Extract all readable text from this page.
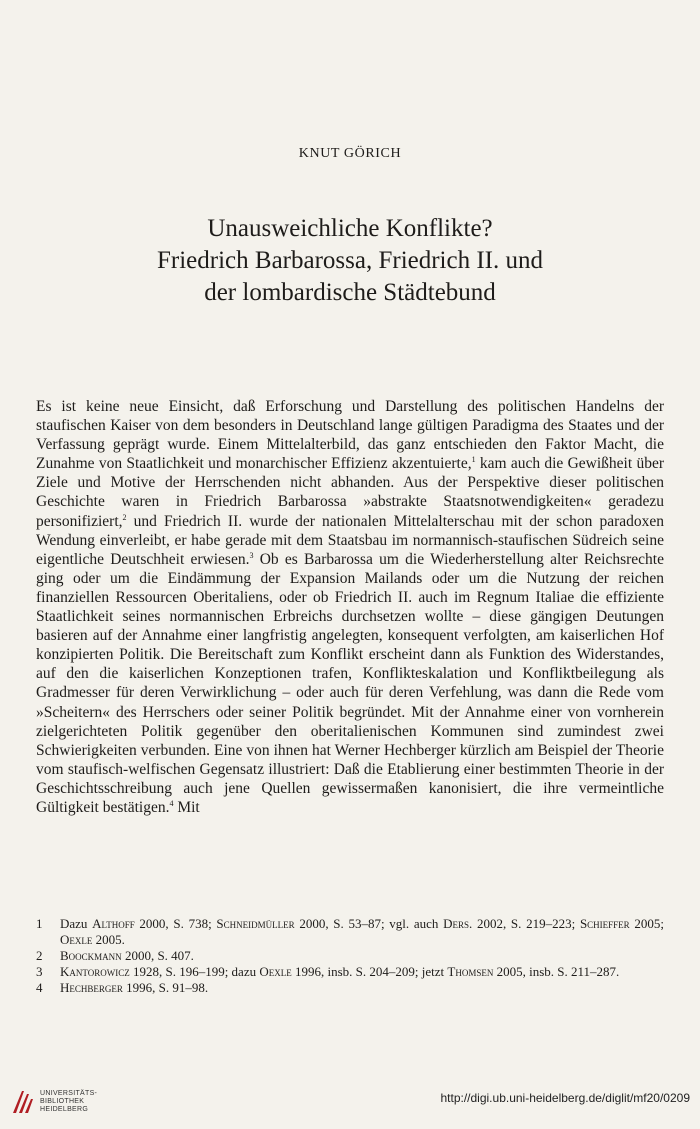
KNUT GÖRICH
Unausweichliche Konflikte?
Friedrich Barbarossa, Friedrich II. und
der lombardische Städtebund

Es ist keine neue Einsicht, daß Erforschung und Darstellung des politischen Handelns der staufischen Kaiser von dem besonders in Deutschland lange gültigen Paradigma des Staates und der Verfassung geprägt wurde. Einem Mittelalterbild, das ganz entschieden den Faktor Macht, die Zunahme von Staatlichkeit und monarchischer Effizienz akzentuierte,$^1$ kam auch die Gewißheit über Ziele und Motive der Herrschenden nicht abhanden. Aus der Perspektive dieser politischen Geschichte waren in Friedrich Barbarossa »abstrakte Staatsnotwendigkeiten« geradezu personifiziert,$^2$ und Friedrich II. wurde der nationalen Mittelalterschau mit der schon paradoxen Wendung einverleibt, er habe gerade mit dem Staatsbau im normannisch-staufischen Südreich seine eigentliche Deutschheit erwiesen.$^3$ Ob es Barbarossa um die Wiederherstellung alter Reichsrechte ging oder um die Eindämmung der Expansion Mailands oder um die Nutzung der reichen finanziellen Ressourcen Oberitaliens, oder ob Friedrich II. auch im Regnum Italiae die effiziente Staatlichkeit seines normannischen Erbreichs durchsetzen wollte – diese gängigen Deutungen basieren auf der Annahme einer langfristig angelegten, konsequent verfolgten, am kaiserlichen Hof konzipierten Politik. Die Bereitschaft zum Konflikt erscheint dann als Funktion des Widerstandes, auf den die kaiserlichen Konzeptionen trafen, Konflikteskalation und Konfliktbeilegung als Gradmesser für deren Verwirklichung – oder auch für deren Verfehlung, was dann die Rede vom »Scheitern« des Herrschers oder seiner Politik begründet. Mit der Annahme einer von vornherein zielgerichteten Politik gegenüber den oberitalienischen Kommunen sind zumindest zwei Schwierigkeiten verbunden. Eine von ihnen hat Werner Hechberger kürzlich am Beispiel der Theorie vom staufisch-welfischen Gegensatz illustriert: Daß die Etablierung einer bestimmten Theorie in der Geschichtsschreibung auch jene Quellen gewissermaßen kanonisiert, die ihre vermeintliche Gültigkeit bestätigen.$^4$ Mit

1	Dazu Althoff 2000, S. 738; Schneidmüller 2000, S. 53–87; vgl. auch Ders. 2002, S. 219–223; Schieffer 2005; Oexle 2005.
2	Boockmann 2000, S. 407.
3	Kantorowicz 1928, S. 196–199; dazu Oexle 1996, insb. S. 204–209; jetzt Thomsen 2005, insb. S. 211–287.
4	Hechberger 1996, S. 91–98.
UNIVERSITÄTS-
BIBLIOTHEK
HEIDELBERG
http://digi.ub.uni-heidelberg.de/diglit/mf20/0209
